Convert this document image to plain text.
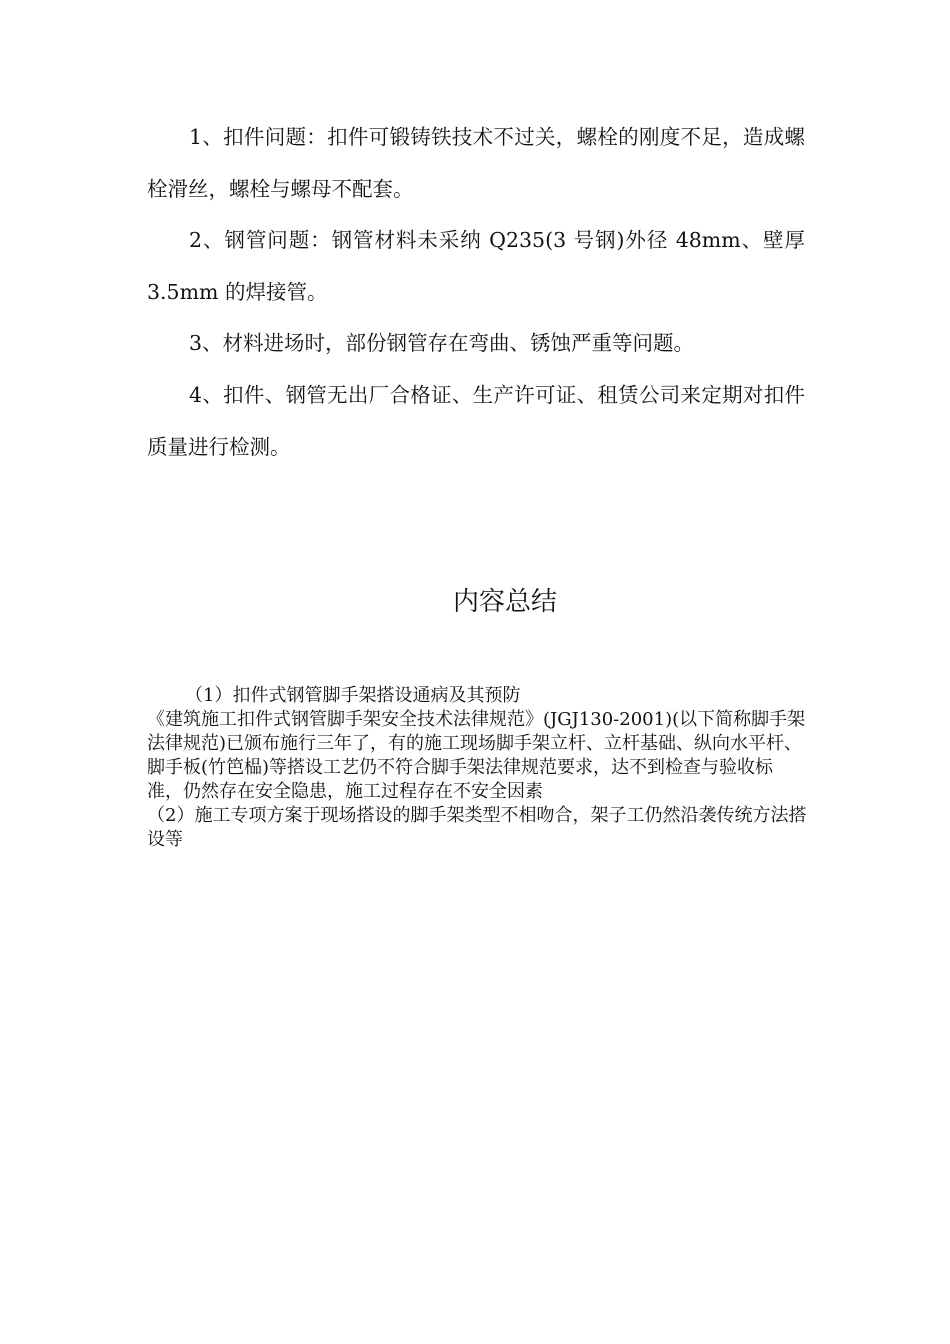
1、扣件问题：扣件可锻铸铁技术不过关，螺栓的刚度不足，造成螺栓滑丝，螺栓与螺母不配套。

2、钢管问题：钢管材料未采纳 Q235(3 号钢)外径 48mm、壁厚 3.5mm 的焊接管。

3、材料进场时，部份钢管存在弯曲、锈蚀严重等问题。

4、扣件、钢管无出厂合格证、生产许可证、租赁公司来定期对扣件质量进行检测。

内容总结
（1）扣件式钢管脚手架搭设通病及其预防
《建筑施工扣件式钢管脚手架安全技术法律规范》(JGJ130-2001)(以下简称脚手架法律规范)已颁布施行三年了，有的施工现场脚手架立杆、立杆基础、纵向水平杆、脚手板(竹笆榀)等搭设工艺仍不符合脚手架法律规范要求，达不到检查与验收标准，仍然存在安全隐患，施工过程存在不安全因素
（2）施工专项方案于现场搭设的脚手架类型不相吻合，架子工仍然沿袭传统方法搭设等
